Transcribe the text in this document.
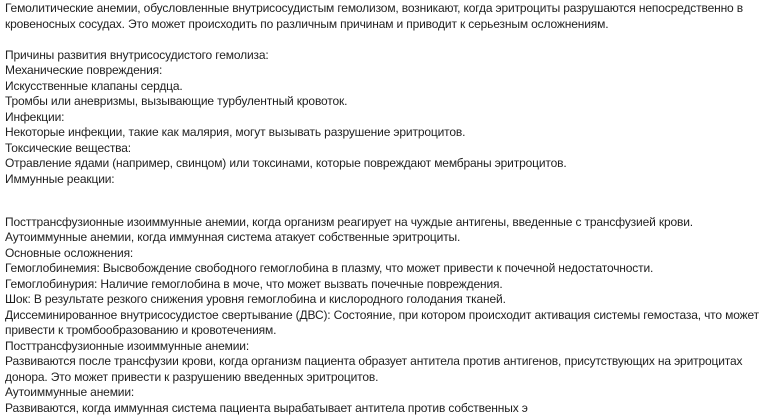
Гемолитические анемии, обусловленные внутрисосудистым гемолизом, возникают, когда эритроциты разрушаются непосредственно в
кровеносных сосудах. Это может происходить по различным причинам и приводит к серьезным осложнениям.
Причины развития внутрисосудистого гемолиза:
Механические повреждения:
Искусственные клапаны сердца.
Тромбы или аневризмы, вызывающие турбулентный кровоток.
Инфекции:
Некоторые инфекции, такие как малярия, могут вызывать разрушение эритроцитов.
Токсические вещества:
Отравление ядами (например, свинцом) или токсинами, которые повреждают мембраны эритроцитов.
Иммунные реакции:
Посттрансфузионные изоиммунные анемии, когда организм реагирует на чуждые антигены, введенные с трансфузией крови.
Аутоиммунные анемии, когда иммунная система атакует собственные эритроциты.
Основные осложнения:
Гемоглобинемия: Высвобождение свободного гемоглобина в плазму, что может привести к почечной недостаточности.
Гемоглобинурия: Наличие гемоглобина в моче, что может вызвать почечные повреждения.
Шок: В результате резкого снижения уровня гемоглобина и кислородного голодания тканей.
Диссеминированное внутрисосудистое свертывание (ДВС): Состояние, при котором происходит активация системы гемостаза, что может
привести к тромбообразованию и кровотечениям.
Посттрансфузионные изоиммунные анемии:
Развиваются после трансфузии крови, когда организм пациента образует антитела против антигенов, присутствующих на эритроцитах
донора. Это может привести к разрушению введенных эритроцитов.
Аутоиммунные анемии:
Развиваются, когда иммунная система пациента вырабатывает антитела против собственных э
